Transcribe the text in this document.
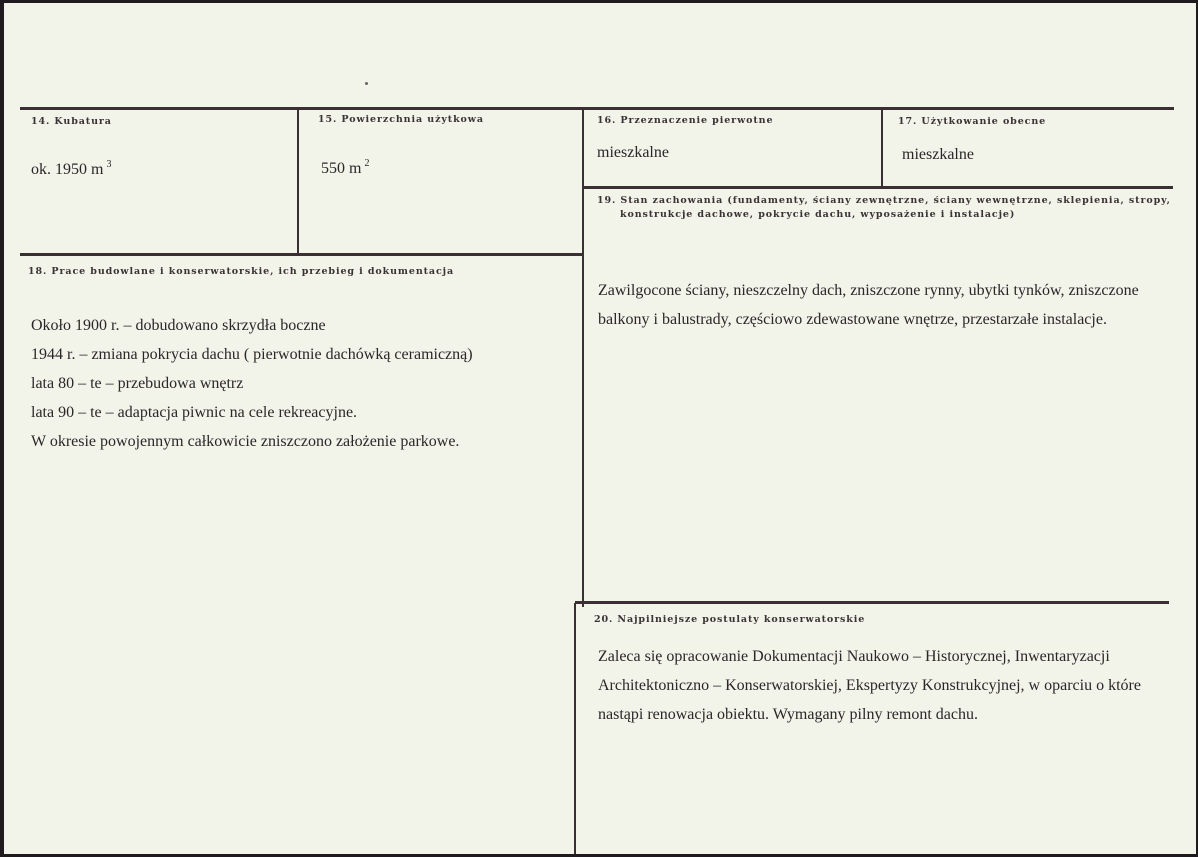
14. Kubatura
ok. 1950 m $^3$
15. Powierzchnia użytkowa
550 m $^2$
16. Przeznaczenie pierwotne
mieszkalne
17. Użytkowanie obecne
mieszkalne
19. Stan zachowania (fundamenty, ściany zewnętrzne, ściany wewnętrzne, sklepienia, stropy,
konstrukcje dachowe, pokrycie dachu, wyposażenie i instalacje)
Zawilgocone ściany, nieszczelny dach, zniszczone rynny, ubytki tynków, zniszczone
balkony i balustrady, częściowo zdewastowane wnętrze, przestarzałe instalacje.
18. Prace budowlane i konserwatorskie, ich przebieg i dokumentacja
Około 1900 r. – dobudowano skrzydła boczne
1944 r. – zmiana pokrycia dachu ( pierwotnie dachówką ceramiczną)
lata 80 – te – przebudowa wnętrz
lata 90 – te – adaptacja piwnic na cele rekreacyjne.
W okresie powojennym całkowicie zniszczono założenie parkowe.
20. Najpilniejsze postulaty konserwatorskie
Zaleca się opracowanie Dokumentacji Naukowo – Historycznej, Inwentaryzacji
Architektoniczno – Konserwatorskiej, Ekspertyzy Konstrukcyjnej, w oparciu o które
nastąpi renowacja obiektu. Wymagany pilny remont dachu.
